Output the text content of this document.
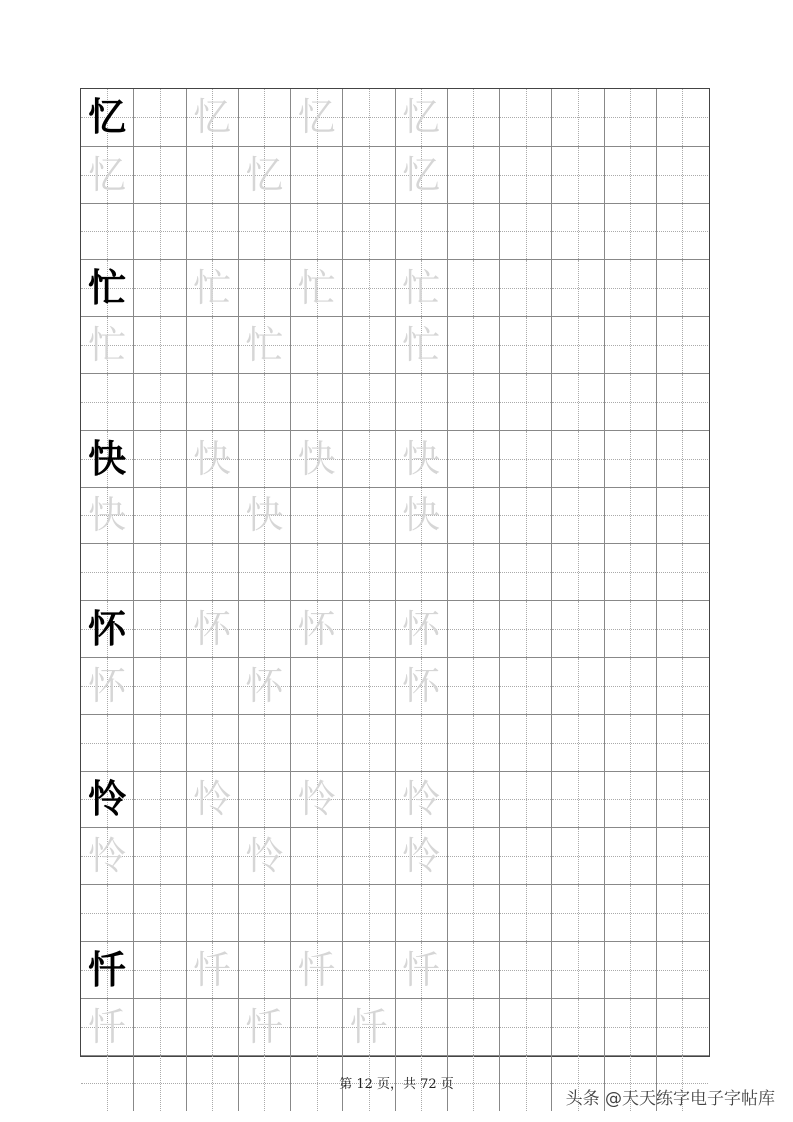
忆 忆 忆 忆
忆	忆	忆
忙 忙 忙 忙
忙	忙	忙
快 快 快 快
快	快	快
怀 怀 怀 怀
怀	怀	怀
怜 怜 怜 怜
怜	怜	怜
忏 忏 忏 忏
忏	忏 忏
第 12 页，共 72 页
头条 @天天练字电子字帖库
